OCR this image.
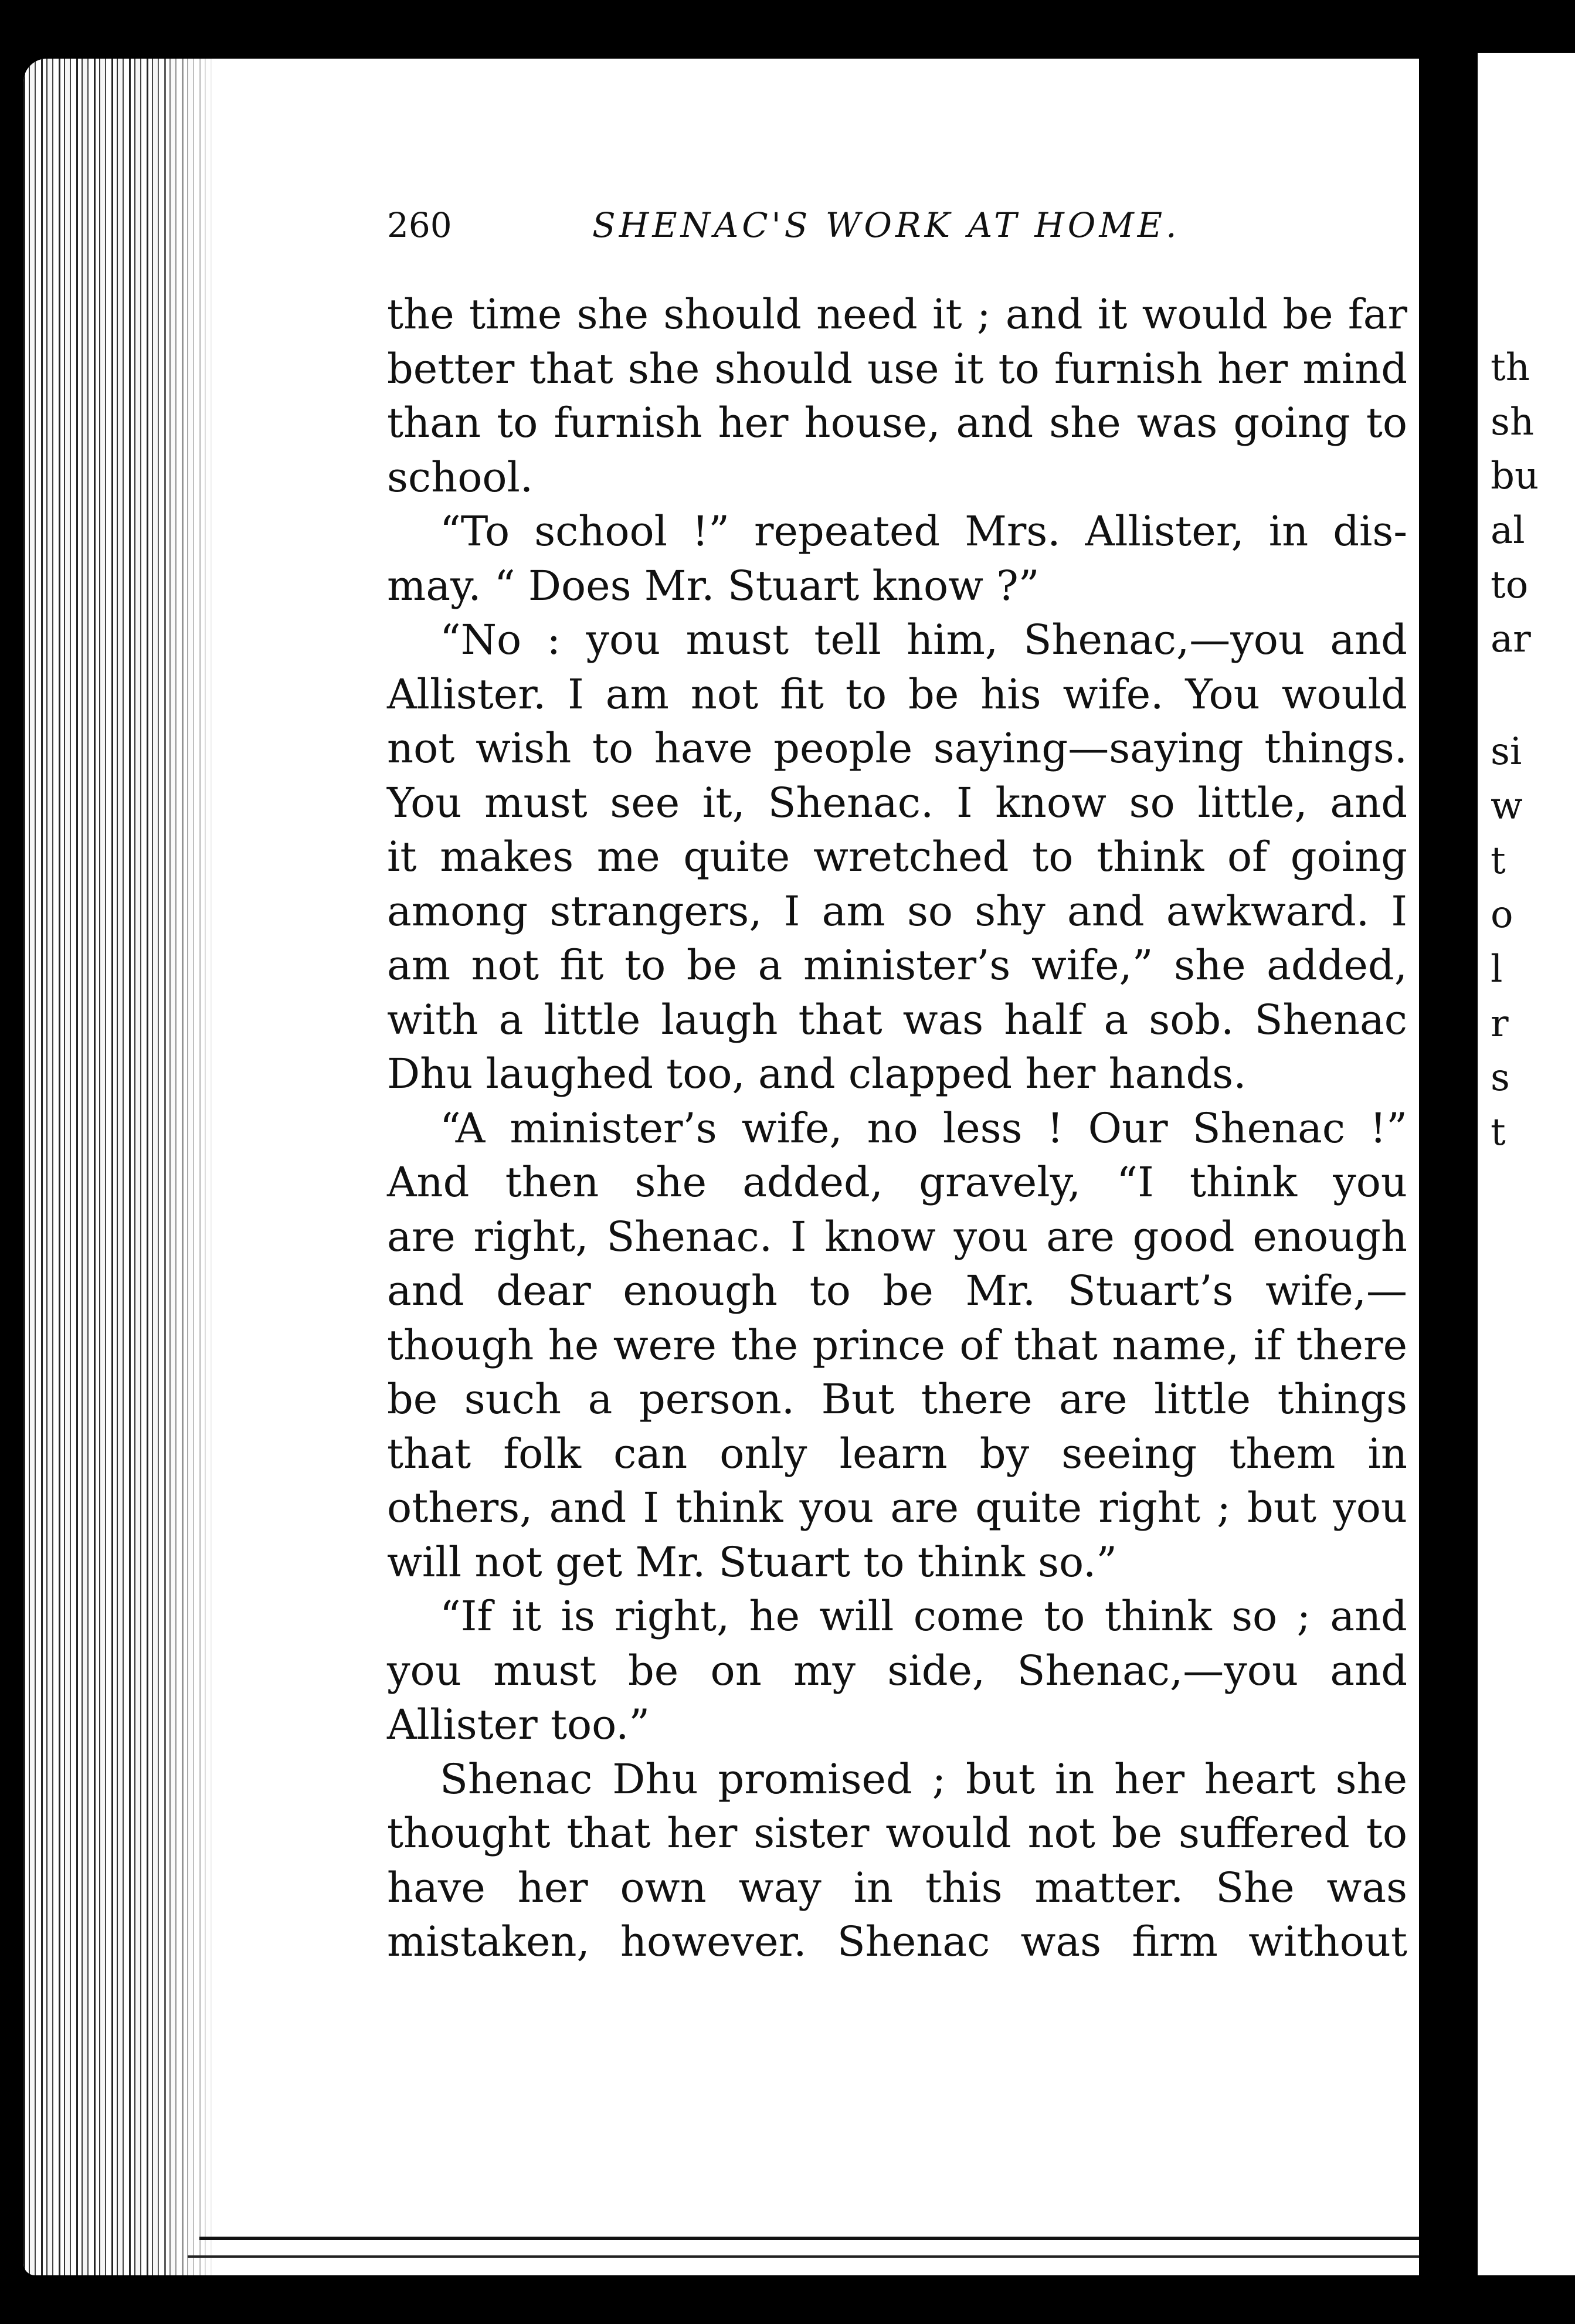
th
sh
bu
al
to
ar
si
w
t
o
l
r
s
t
260	SHENAC'S WORK AT HOME.
the time she should need it ; and it would be far
better that she should use it to furnish her mind
than to furnish her house, and she was going to
school.
“To school !” repeated Mrs. Allister, in dis-
may. “ Does Mr. Stuart know ?”
“No : you must tell him, Shenac,—you and
Allister. I am not fit to be his wife. You would
not wish to have people saying—saying things.
You must see it, Shenac. I know so little, and
it makes me quite wretched to think of going
among strangers, I am so shy and awkward. I
am not fit to be a minister’s wife,” she added,
with a little laugh that was half a sob. Shenac
Dhu laughed too, and clapped her hands.
“A minister’s wife, no less ! Our Shenac !”
And then she added, gravely, “I think you
are right, Shenac. I know you are good enough
and dear enough to be Mr. Stuart’s wife,—
though he were the prince of that name, if there
be such a person. But there are little things
that folk can only learn by seeing them in
others, and I think you are quite right ; but you
will not get Mr. Stuart to think so.”
“If it is right, he will come to think so ; and
you must be on my side, Shenac,—you and
Allister too.”
Shenac Dhu promised ; but in her heart she
thought that her sister would not be suffered to
have her own way in this matter. She was
mistaken, however. Shenac was firm without
